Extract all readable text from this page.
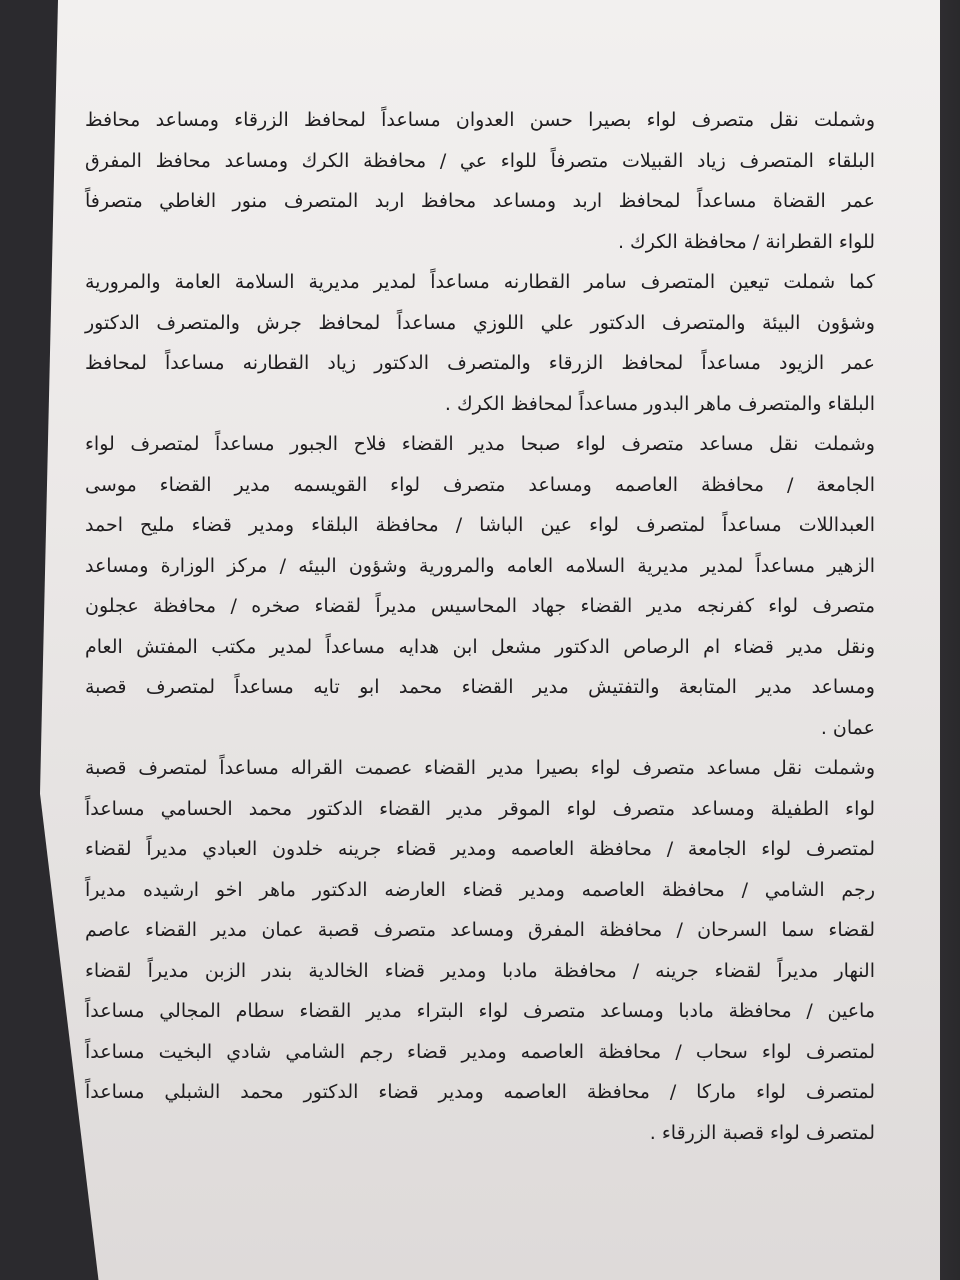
وشملت نقل متصرف لواء بصيرا حسن العدوان مساعداً لمحافظ الزرقاء ومساعد محافظ
البلقاء المتصرف زياد القبيلات متصرفاً للواء عي / محافظة الكرك ومساعد محافظ المفرق
عمر القضاة مساعداً لمحافظ اربد ومساعد محافظ اربد المتصرف منور الغاطي متصرفاً
للواء القطرانة / محافظة الكرك .
كما شملت تيعين المتصرف سامر القطارنه مساعداً لمدير مديرية السلامة العامة والمرورية
وشؤون البيئة والمتصرف الدكتور علي اللوزي مساعداً لمحافظ جرش والمتصرف الدكتور
عمر الزيود مساعداً لمحافظ الزرقاء والمتصرف الدكتور زياد القطارنه مساعداً لمحافظ
البلقاء والمتصرف ماهر البدور مساعداً لمحافظ الكرك .
وشملت نقل مساعد متصرف لواء صبحا مدير القضاء فلاح الجبور مساعداً لمتصرف لواء
الجامعة / محافظة العاصمه ومساعد متصرف لواء القويسمه مدير القضاء موسى
العبداللات مساعداً لمتصرف لواء عين الباشا / محافظة البلقاء ومدير قضاء مليح احمد
الزهير مساعداً لمدير مديرية السلامه العامه والمرورية وشؤون البيئه / مركز الوزارة ومساعد
متصرف لواء كفرنجه مدير القضاء جهاد المحاسيس مديراً لقضاء صخره / محافظة عجلون
ونقل مدير قضاء ام الرصاص الدكتور مشعل ابن هدايه مساعداً لمدير مكتب المفتش العام
ومساعد مدير المتابعة والتفتيش مدير القضاء محمد ابو تايه مساعداً لمتصرف قصبة
عمان .
وشملت نقل مساعد متصرف لواء بصيرا مدير القضاء عصمت القراله مساعداً لمتصرف قصبة
لواء الطفيلة ومساعد متصرف لواء الموقر مدير القضاء الدكتور محمد الحسامي مساعداً
لمتصرف لواء الجامعة / محافظة العاصمه ومدير قضاء جرينه خلدون العبادي مديراً لقضاء
رجم الشامي / محافظة العاصمه ومدير قضاء العارضه الدكتور ماهر اخو ارشيده مديراً
لقضاء سما السرحان / محافظة المفرق ومساعد متصرف قصبة عمان مدير القضاء عاصم
النهار مديراً لقضاء جرينه / محافظة مادبا ومدير قضاء الخالدية بندر الزبن مديراً لقضاء
ماعين / محافظة مادبا ومساعد متصرف لواء البتراء مدير القضاء سطام المجالي مساعداً
لمتصرف لواء سحاب / محافظة العاصمه ومدير قضاء رجم الشامي شادي البخيت مساعداً
لمتصرف لواء ماركا / محافظة العاصمه ومدير قضاء الدكتور محمد الشبلي مساعداً
لمتصرف لواء قصبة الزرقاء .
